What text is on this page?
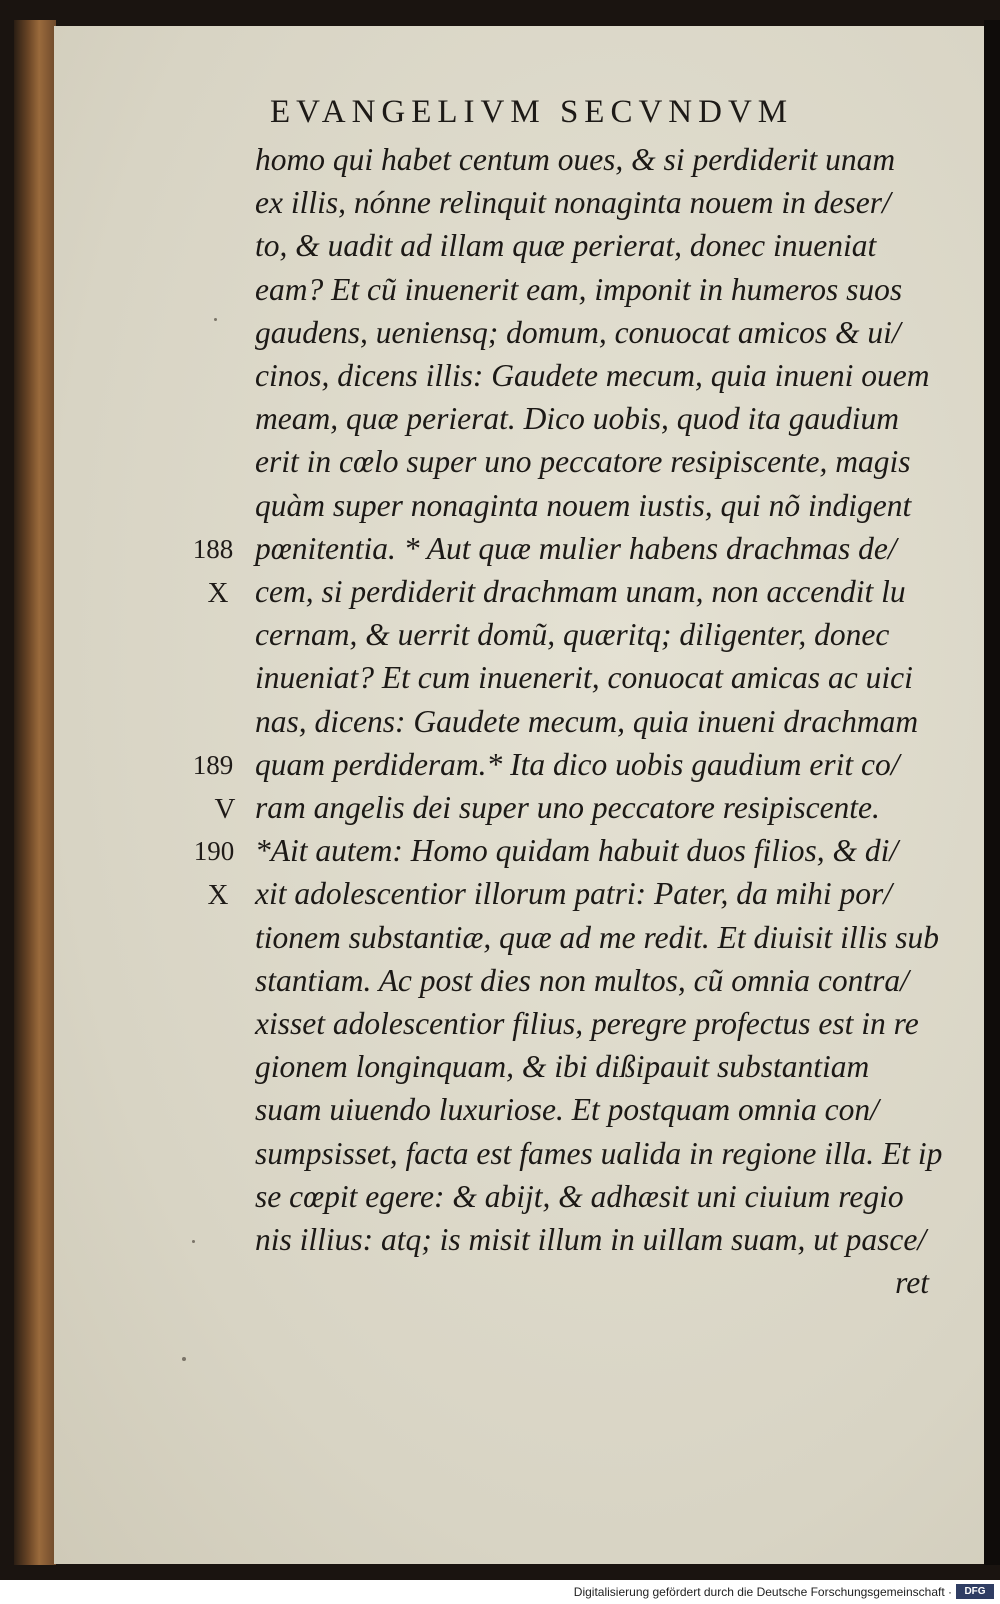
EVANGELIVM SECVNDVM
188
X
189
V
190
X
homo qui habet centum oues, & si perdiderit unam
ex illis, nónne relinquit nonaginta nouem in deser/
to, & uadit ad illam quæ perierat, donec inueniat
eam? Et cũ inuenerit eam, imponit in humeros suos
gaudens, ueniensq; domum, conuocat amicos & ui/
cinos, dicens illis: Gaudete mecum, quia inueni ouem
meam, quæ perierat. Dico uobis, quod ita gaudium
erit in cœlo super uno peccatore resipiscente, magis
quàm super nonaginta nouem iustis, qui nõ indigent
pœnitentia. * Aut quæ mulier habens drachmas de/
cem, si perdiderit drachmam unam, non accendit lu
cernam, & uerrit domũ, quæritq; diligenter, donec
inueniat? Et cum inuenerit, conuocat amicas ac uici
nas, dicens: Gaudete mecum, quia inueni drachmam
quam perdideram.* Ita dico uobis gaudium erit co/
ram angelis dei super uno peccatore resipiscente.
*Ait autem: Homo quidam habuit duos filios, & di/
xit adolescentior illorum patri: Pater, da mihi por/
tionem substantiæ, quæ ad me redit. Et diuisit illis sub
stantiam. Ac post dies non multos, cũ omnia contra/
xisset adolescentior filius, peregre profectus est in re
gionem longinquam, & ibi dißipauit substantiam
suam uiuendo luxuriose. Et postquam omnia con/
sumpsisset, facta est fames ualida in regione illa. Et ip
se cœpit egere: & abijt, & adhæsit uni ciuium regio
nis illius: atq; is misit illum in uillam suam, ut pasce/
ret
Digitalisierung gefördert durch die Deutsche Forschungsgemeinschaft ·	DFG
